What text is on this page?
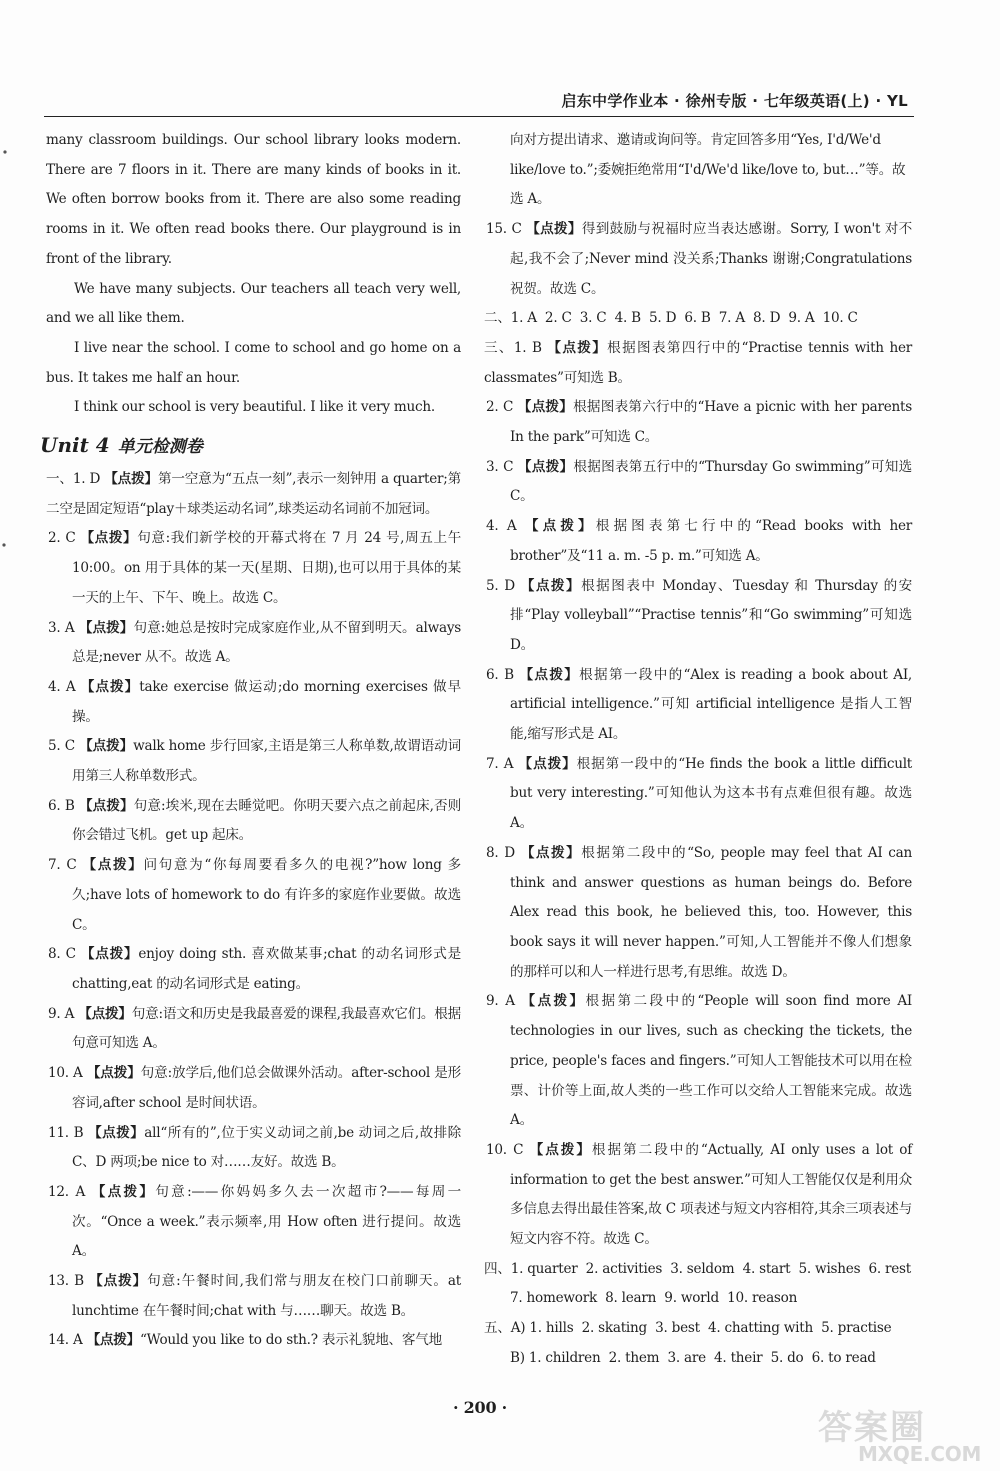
启东中学作业本 · 徐州专版 · 七年级英语(上) · YL

many classroom buildings. Our school library looks modern. There are 7 floors in it. There are many kinds of books in it. We often borrow books from it. There are also some reading rooms in it. We often read books there. Our playground is in front of the library.

We have many subjects. Our teachers all teach very well, and we all like them.

I live near the school. I come to school and go home on a bus. It takes me half an hour.

I think our school is very beautiful. I like it very much.

Unit 4 单元检测卷

一、1. D 【点拨】第一空意为“五点一刻”,表示一刻钟用 a quarter;第二空是固定短语“play＋球类运动名词”,球类运动名词前不加冠词。

2. C 【点拨】句意:我们新学校的开幕式将在 7 月 24 号,周五上午 10:00。on 用于具体的某一天(星期、日期),也可以用于具体的某一天的上午、下午、晚上。故选 C。

3. A 【点拨】句意:她总是按时完成家庭作业,从不留到明天。always 总是;never 从不。故选 A。

4. A 【点拨】take exercise 做运动;do morning exercises 做早操。

5. C 【点拨】walk home 步行回家,主语是第三人称单数,故谓语动词用第三人称单数形式。

6. B 【点拨】句意:埃米,现在去睡觉吧。你明天要六点之前起床,否则你会错过飞机。get up 起床。

7. C 【点拨】问句意为“你每周要看多久的电视?”how long 多久;have lots of homework to do 有许多的家庭作业要做。故选 C。

8. C 【点拨】enjoy doing sth. 喜欢做某事;chat 的动名词形式是 chatting,eat 的动名词形式是 eating。

9. A 【点拨】句意:语文和历史是我最喜爱的课程,我最喜欢它们。根据句意可知选 A。

10. A 【点拨】句意:放学后,他们总会做课外活动。after-school 是形容词,after school 是时间状语。

11. B 【点拨】all“所有的”,位于实义动词之前,be 动词之后,故排除 C、D 两项;be nice to 对……友好。故选 B。

12. A 【点拨】句意:——你妈妈多久去一次超市?——每周一次。“Once a week.”表示频率,用 How often 进行提问。故选 A。

13. B 【点拨】句意:午餐时间,我们常与朋友在校门口前聊天。at lunchtime 在午餐时间;chat with 与……聊天。故选 B。

14. A 【点拨】“Would you like to do sth.? 表示礼貌地、客气地

向对方提出请求、邀请或询问等。肯定回答多用“Yes, I'd/We'd like/love to.”;委婉拒绝常用“I'd/We'd like/love to, but…”等。故选 A。

15. C 【点拨】得到鼓励与祝福时应当表达感谢。Sorry, I won't 对不起,我不会了;Never mind 没关系;Thanks 谢谢;Congratulations 祝贺。故选 C。

二、1. A  2. C  3. C  4. B  5. D  6. B  7. A  8. D  9. A  10. C

三、1. B 【点拨】根据图表第四行中的“Practise tennis with her classmates”可知选 B。

2. C 【点拨】根据图表第六行中的“Have a picnic with her parents In the park”可知选 C。

3. C 【点拨】根据图表第五行中的“Thursday Go swimming”可知选 C。

4. A 【点拨】根据图表第七行中的“Read books with her brother”及“11 a. m. -5 p. m.”可知选 A。

5. D 【点拨】根据图表中 Monday、Tuesday 和 Thursday 的安排“Play volleyball”“Practise tennis”和“Go swimming”可知选 D。

6. B 【点拨】根据第一段中的“Alex is reading a book about AI, artificial intelligence.”可知 artificial intelligence 是指人工智能,缩写形式是 AI。

7. A 【点拨】根据第一段中的“He finds the book a little difficult but very interesting.”可知他认为这本书有点难但很有趣。故选 A。

8. D 【点拨】根据第二段中的“So, people may feel that AI can think and answer questions as human beings do. Before Alex read this book, he believed this, too. However, this book says it will never happen.”可知,人工智能并不像人们想象的那样可以和人一样进行思考,有思维。故选 D。

9. A 【点拨】根据第二段中的“People will soon find more AI technologies in our lives, such as checking the tickets, the price, people's faces and fingers.”可知人工智能技术可以用在检票、计价等上面,故人类的一些工作可以交给人工智能来完成。故选 A。

10. C 【点拨】根据第二段中的“Actually, AI only uses a lot of information to get the best answer.”可知人工智能仅仅是利用众多信息去得出最佳答案,故 C 项表述与短文内容相符,其余三项表述与短文内容不符。故选 C。

四、1. quarter  2. activities  3. seldom  4. start  5. wishes  6. rest

7. homework  8. learn  9. world  10. reason

五、A) 1. hills  2. skating  3. best  4. chatting with  5. practise

B) 1. children  2. them  3. are  4. their  5. do  6. to read

· 200 ·
答案圈
MXQE.COM
